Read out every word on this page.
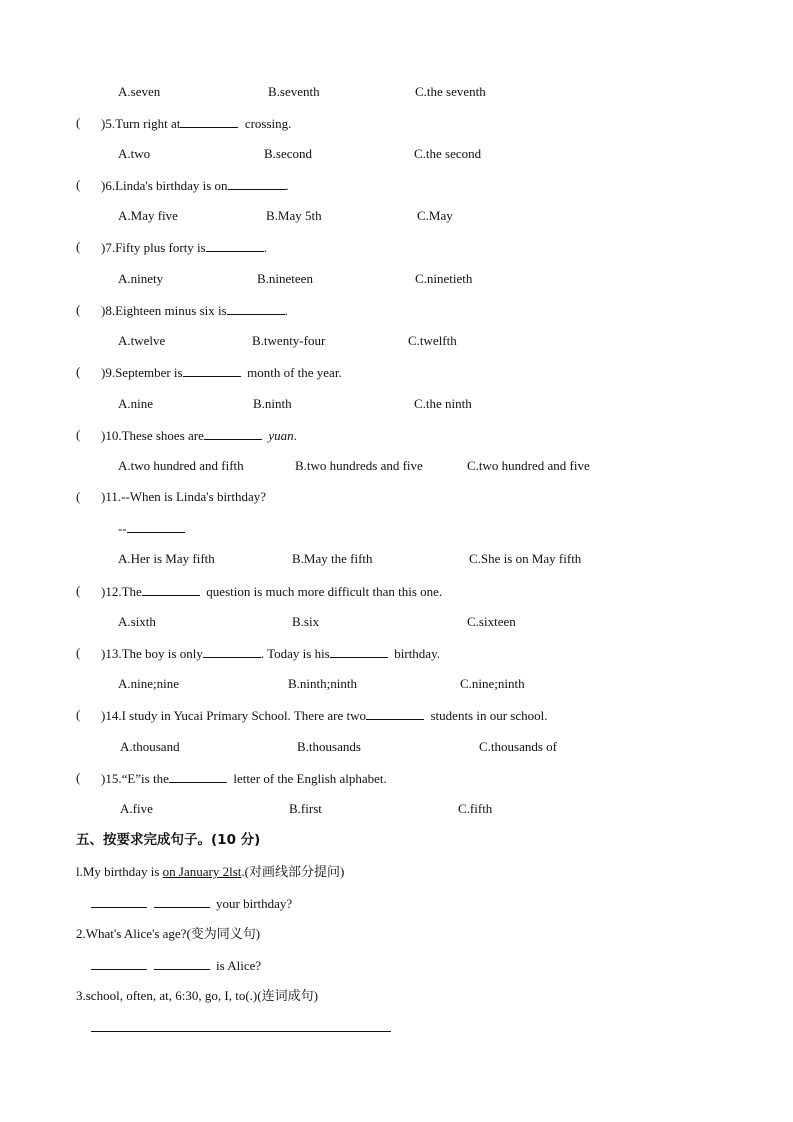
A.seven	B.seventh	C.the seventh
( )5.Turn right at	crossing.
A.two	B.second	C.the second
( )6.Linda's birthday is on	.
A.May five	B.May 5th	C.May
( )7.Fifty plus forty is	.
A.ninety	B.nineteen	C.ninetieth
( )8.Eighteen minus six is	.
A.twelve	B.twenty-four	C.twelfth
( )9.September is	month of the year.
A.nine	B.ninth	C.the ninth
( )10.These shoes are	yuan.
A.two hundred and fifth	B.two hundreds and five	C.two hundred and five
( )11.--When is Linda's birthday?
--
A.Her is May fifth	B.May the fifth	C.She is on May fifth
( )12.The	question is much more difficult than this one.
A.sixth	B.six	C.sixteen
( )13.The boy is only	. Today is his	birthday.
A.nine;nine	B.ninth;ninth	C.nine;ninth
( )14.I study in Yucai Primary School. There are two	students in our school.
A.thousand	B.thousands	C.thousands of
( )15.“E”is the	letter of the English alphabet.
A.five	B.first	C.fifth
五、按要求完成句子。(10 分)
l.My birthday is on January 2lst.(对画线部分提问)
your birthday?
2.What's Alice's age?(变为同义句)
is Alice?
3.school, often, at, 6:30, go, I, to(.)(连词成句)
